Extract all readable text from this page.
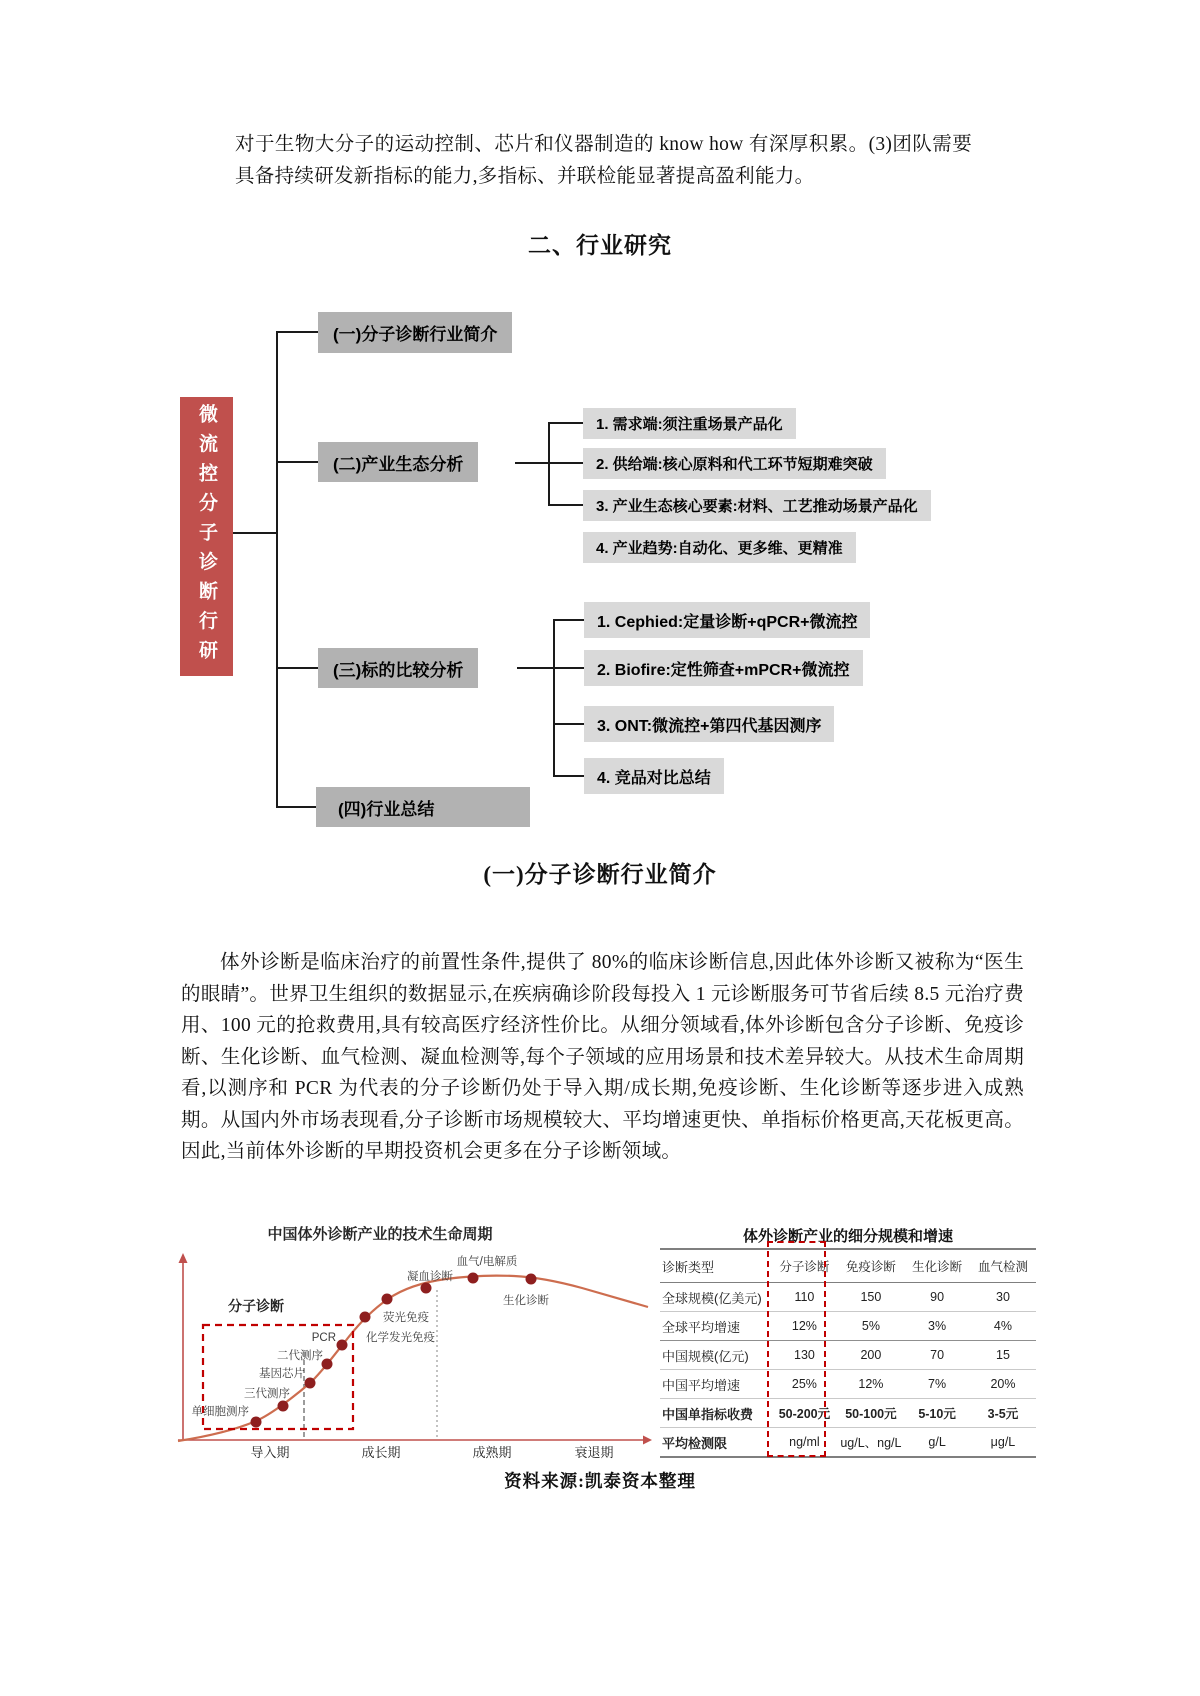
对于生物大分子的运动控制、芯片和仪器制造的 know how 有深厚积累。(3)团队需要具备持续研发新指标的能力,多指标、并联检能显著提高盈利能力。
二、行业研究
微流控分子诊断行研
(一)分子诊断行业简介
(二)产业生态分析
(三)标的比较分析
(四)行业总结
1. 需求端:须注重场景产品化
2. 供给端:核心原料和代工环节短期难突破
3. 产业生态核心要素:材料、工艺推动场景产品化
4. 产业趋势:自动化、更多维、更精准
1. Cephied:定量诊断+qPCR+微流控
2. Biofire:定性筛查+mPCR+微流控
3. ONT:微流控+第四代基因测序
4. 竞品对比总结
(一)分子诊断行业简介
体外诊断是临床治疗的前置性条件,提供了 80%的临床诊断信息,因此体外诊断又被称为“医生的眼睛”。世界卫生组织的数据显示,在疾病确诊阶段每投入 1 元诊断服务可节省后续 8.5 元治疗费用、100 元的抢救费用,具有较高医疗经济性价比。从细分领域看,体外诊断包含分子诊断、免疫诊断、生化诊断、血气检测、凝血检测等,每个子领域的应用场景和技术差异较大。从技术生命周期看,以测序和 PCR 为代表的分子诊断仍处于导入期/成长期,免疫诊断、生化诊断等逐步进入成熟期。从国内外市场表现看,分子诊断市场规模较大、平均增速更快、单指标价格更高,天花板更高。因此,当前体外诊断的早期投资机会更多在分子诊断领域。
中国体外诊断产业的技术生命周期
分子诊断
单细胞测序
三代测序
基因芯片
二代测序
PCR	化学发光免疫
荧光免疫
凝血诊断
血气/电解质
生化诊断
导入期	成长期	成熟期	衰退期
体外诊断产业的细分规模和增速
诊断类型	分子诊断	免疫诊断	生化诊断	血气检测
全球规模(亿美元)	110	150	90	30
全球平均增速	12%	5%	3%	4%
中国规模(亿元)	130	200	70	15
中国平均增速	25%	12%	7%	20%
中国单指标收费	50-200元	50-100元	5-10元	3-5元
平均检测限	ng/ml	ug/L、ng/L	g/L	μg/L
资料来源:凯泰资本整理
